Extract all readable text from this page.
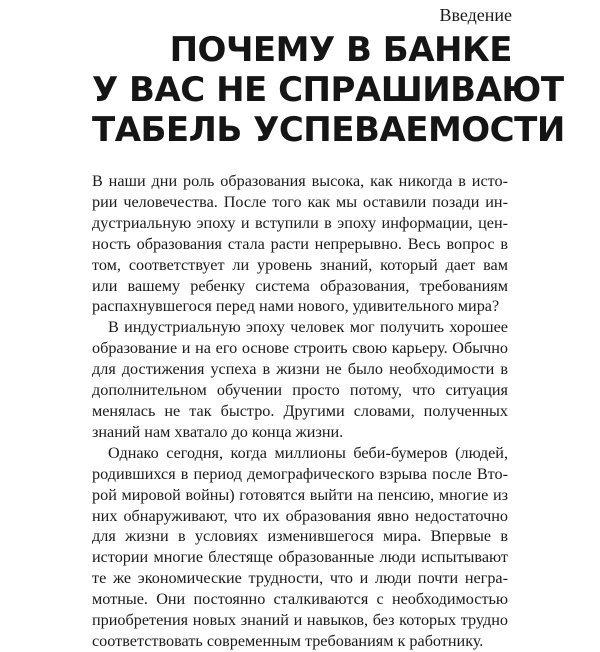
Введение
ПОЧЕМУ В БАНКЕ
У ВАС НЕ СПРАШИВАЮТ
ТАБЕЛЬ УСПЕВАЕМОСТИ

В наши дни роль образования высока, как никогда в истории человечества. После того как мы оставили позади индустриальную эпоху и вступили в эпоху информации, ценность образования стала расти непрерывно. Весь вопрос в том, соответствует ли уровень знаний, который дает вам или вашему ребенку система образования, требованиям распахнувшегося перед нами нового, удивительного мира?

В индустриальную эпоху человек мог получить хорошее образование и на его основе строить свою карьеру. Обычно для достижения успеха в жизни не было необходимости в дополнительном обучении просто потому, что ситуация менялась не так быстро. Другими словами, полученных знаний нам хватало до конца жизни.

Однако сегодня, когда миллионы беби-бумеров (людей, родившихся в период демографического взрыва после Второй мировой войны) готовятся выйти на пенсию, многие из них обнаруживают, что их образования явно недостаточно для жизни в условиях изменившегося мира. Впервые в истории многие блестяще образованные люди испытывают те же экономические трудности, что и люди почти неграмотные. Они постоянно сталкиваются с необходимостью приобретения новых знаний и навыков, без которых трудно соответствовать современным требованиям к работнику.
